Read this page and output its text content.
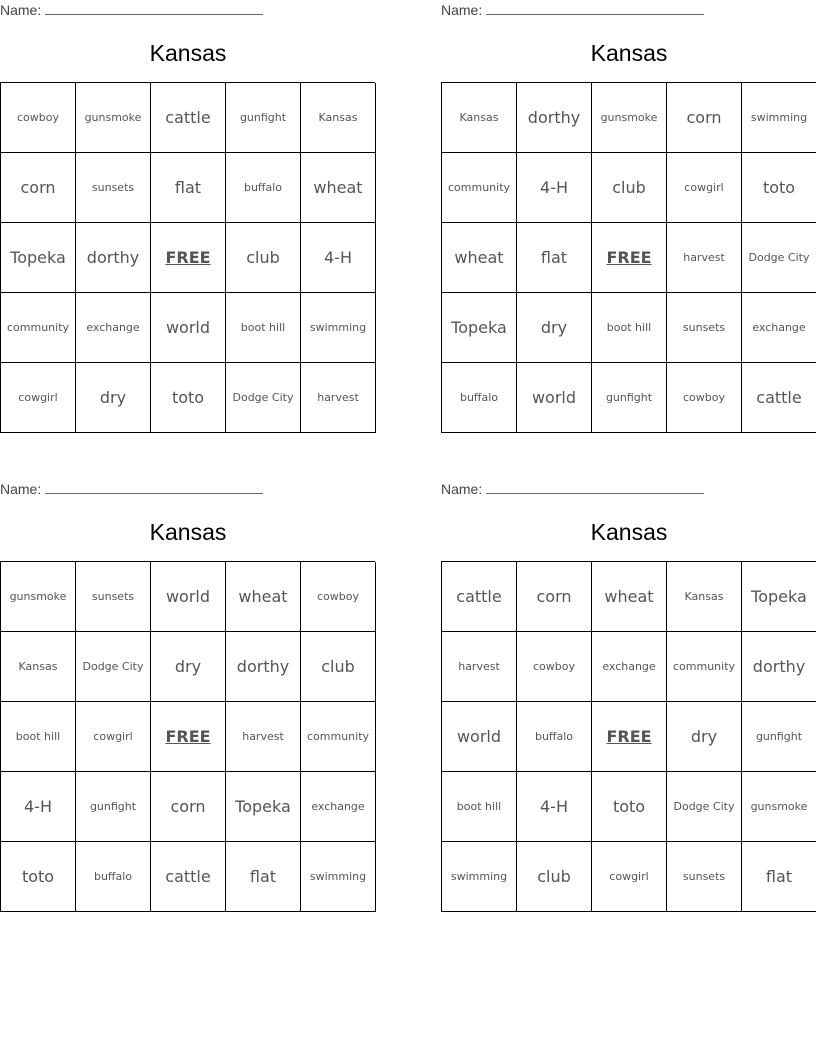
Name:
Kansas
cowboy	gunsmoke	cattle	gunfight	Kansas
corn	sunsets	flat	buffalo	wheat
Topeka	dorthy	FREE	club	4-H
community	exchange	world	boot hill	swimming
cowgirl	dry	toto	Dodge City	harvest
Name:
Kansas
Kansas	dorthy	gunsmoke	corn	swimming
community	4-H	club	cowgirl	toto
wheat	flat	FREE	harvest	Dodge City
Topeka	dry	boot hill	sunsets	exchange
buffalo	world	gunfight	cowboy	cattle
Name:
Kansas
gunsmoke	sunsets	world	wheat	cowboy
Kansas	Dodge City	dry	dorthy	club
boot hill	cowgirl	FREE	harvest	community
4-H	gunfight	corn	Topeka	exchange
toto	buffalo	cattle	flat	swimming
Name:
Kansas
cattle	corn	wheat	Kansas	Topeka
harvest	cowboy	exchange	community	dorthy
world	buffalo	FREE	dry	gunfight
boot hill	4-H	toto	Dodge City	gunsmoke
swimming	club	cowgirl	sunsets	flat
